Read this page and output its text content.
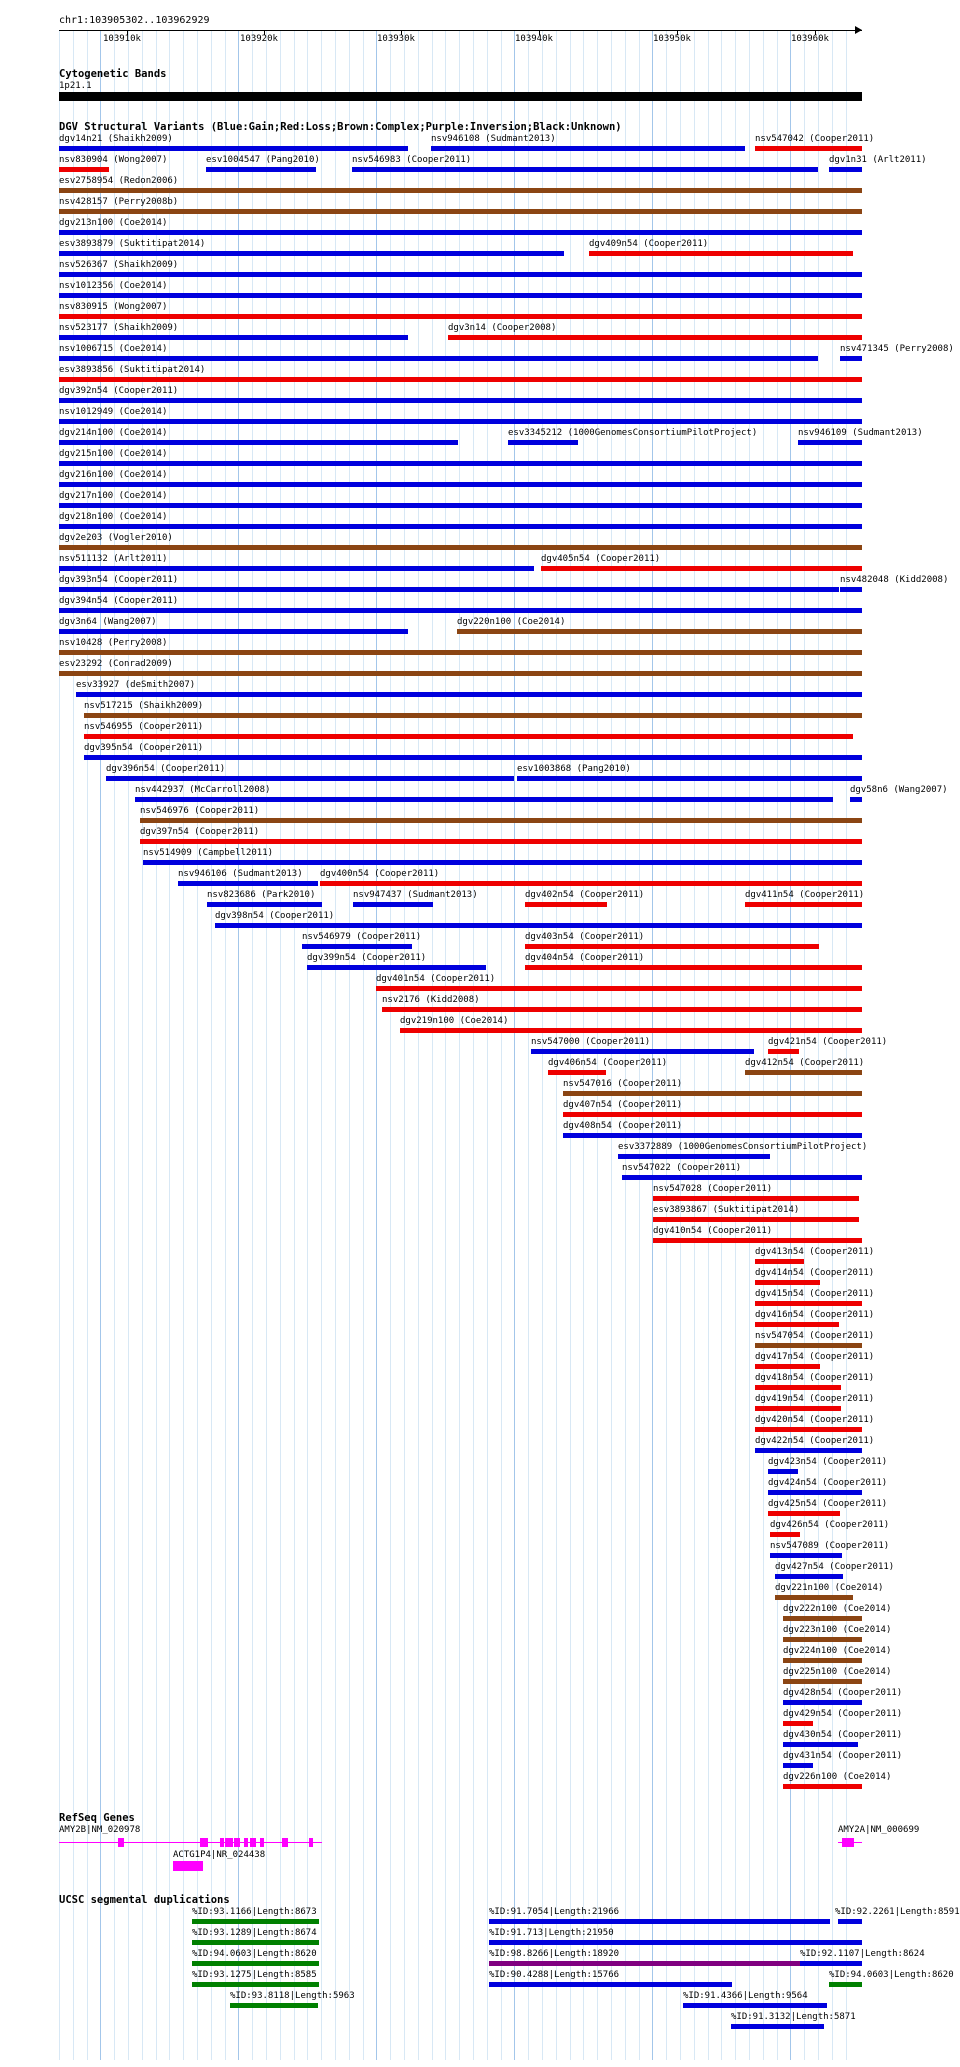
chr1:103905302..103962929
103910k	103920k	103930k	103940k	103950k	103960k
Cytogenetic Bands
1p21.1
DGV Structural Variants (Blue:Gain;Red:Loss;Brown:Complex;Purple:Inversion;Black:Unknown)
dgv14n21 (Shaikh2009)	nsv946108 (Sudmant2013)	nsv547042 (Cooper2011)
nsv830904 (Wong2007)	esv1004547 (Pang2010)	nsv546983 (Cooper2011)	dgv1n31 (Arlt2011)
esv2758954 (Redon2006)
nsv428157 (Perry2008b)
dgv213n100 (Coe2014)
esv3893879 (Suktitipat2014)	dgv409n54 (Cooper2011)
nsv526367 (Shaikh2009)
nsv1012356 (Coe2014)
nsv830915 (Wong2007)
nsv523177 (Shaikh2009)	dgv3n14 (Cooper2008)
nsv1006715 (Coe2014)	nsv471345 (Perry2008)
esv3893856 (Suktitipat2014)
dgv392n54 (Cooper2011)
nsv1012949 (Coe2014)
dgv214n100 (Coe2014)	esv3345212 (1000GenomesConsortiumPilotProject)	nsv946109 (Sudmant2013)
dgv215n100 (Coe2014)
dgv216n100 (Coe2014)
dgv217n100 (Coe2014)
dgv218n100 (Coe2014)
dgv2e203 (Vogler2010)
nsv511132 (Arlt2011)	dgv405n54 (Cooper2011)
dgv393n54 (Cooper2011)	nsv482048 (Kidd2008)
dgv394n54 (Cooper2011)
dgv3n64 (Wang2007)	dgv220n100 (Coe2014)
nsv10428 (Perry2008)
esv23292 (Conrad2009)
esv33927 (deSmith2007)
nsv517215 (Shaikh2009)
nsv546955 (Cooper2011)
dgv395n54 (Cooper2011)
dgv396n54 (Cooper2011)	esv1003868 (Pang2010)
nsv442937 (McCarroll2008)	dgv58n6 (Wang2007)
nsv546976 (Cooper2011)
dgv397n54 (Cooper2011)
nsv514909 (Campbell2011)
nsv946106 (Sudmant2013) dgv400n54 (Cooper2011)
nsv823686 (Park2010)	nsv947437 (Sudmant2013)	dgv402n54 (Cooper2011)	dgv411n54 (Cooper2011)
dgv398n54 (Cooper2011)
nsv546979 (Cooper2011)	dgv403n54 (Cooper2011)
dgv399n54 (Cooper2011)	dgv404n54 (Cooper2011)
dgv401n54 (Cooper2011)
nsv2176 (Kidd2008)
dgv219n100 (Coe2014)
nsv547000 (Cooper2011)	dgv421n54 (Cooper2011)
dgv406n54 (Cooper2011)	dgv412n54 (Cooper2011)
nsv547016 (Cooper2011)
dgv407n54 (Cooper2011)
dgv408n54 (Cooper2011)
esv3372889 (1000GenomesConsortiumPilotProject)
nsv547022 (Cooper2011)
nsv547028 (Cooper2011)
esv3893867 (Suktitipat2014)
dgv410n54 (Cooper2011)
dgv413n54 (Cooper2011)
dgv414n54 (Cooper2011)
dgv415n54 (Cooper2011)
dgv416n54 (Cooper2011)
nsv547054 (Cooper2011)
dgv417n54 (Cooper2011)
dgv418n54 (Cooper2011)
dgv419n54 (Cooper2011)
dgv420n54 (Cooper2011)
dgv422n54 (Cooper2011)
dgv423n54 (Cooper2011)
dgv424n54 (Cooper2011)
dgv425n54 (Cooper2011)
dgv426n54 (Cooper2011)
nsv547089 (Cooper2011)
dgv427n54 (Cooper2011)
dgv221n100 (Coe2014)
dgv222n100 (Coe2014)
dgv223n100 (Coe2014)
dgv224n100 (Coe2014)
dgv225n100 (Coe2014)
dgv428n54 (Cooper2011)
dgv429n54 (Cooper2011)
dgv430n54 (Cooper2011)
dgv431n54 (Cooper2011)
dgv226n100 (Coe2014)
RefSeq Genes
AMY2B|NM_020978
ACTG1P4|NR_024438
AMY2A|NM_000699
UCSC segmental duplications
%ID:93.1166|Length:8673	%ID:91.7054|Length:21966	%ID:92.2261|Length:8591
%ID:93.1289|Length:8674	%ID:91.713|Length:21950
%ID:94.0603|Length:8620	%ID:98.8266|Length:18920	%ID:92.1107|Length:8624
%ID:93.1275|Length:8585	%ID:90.4288|Length:15766	%ID:94.0603|Length:8620
%ID:93.8118|Length:5963	%ID:91.4366|Length:9564
%ID:91.3132|Length:5871
